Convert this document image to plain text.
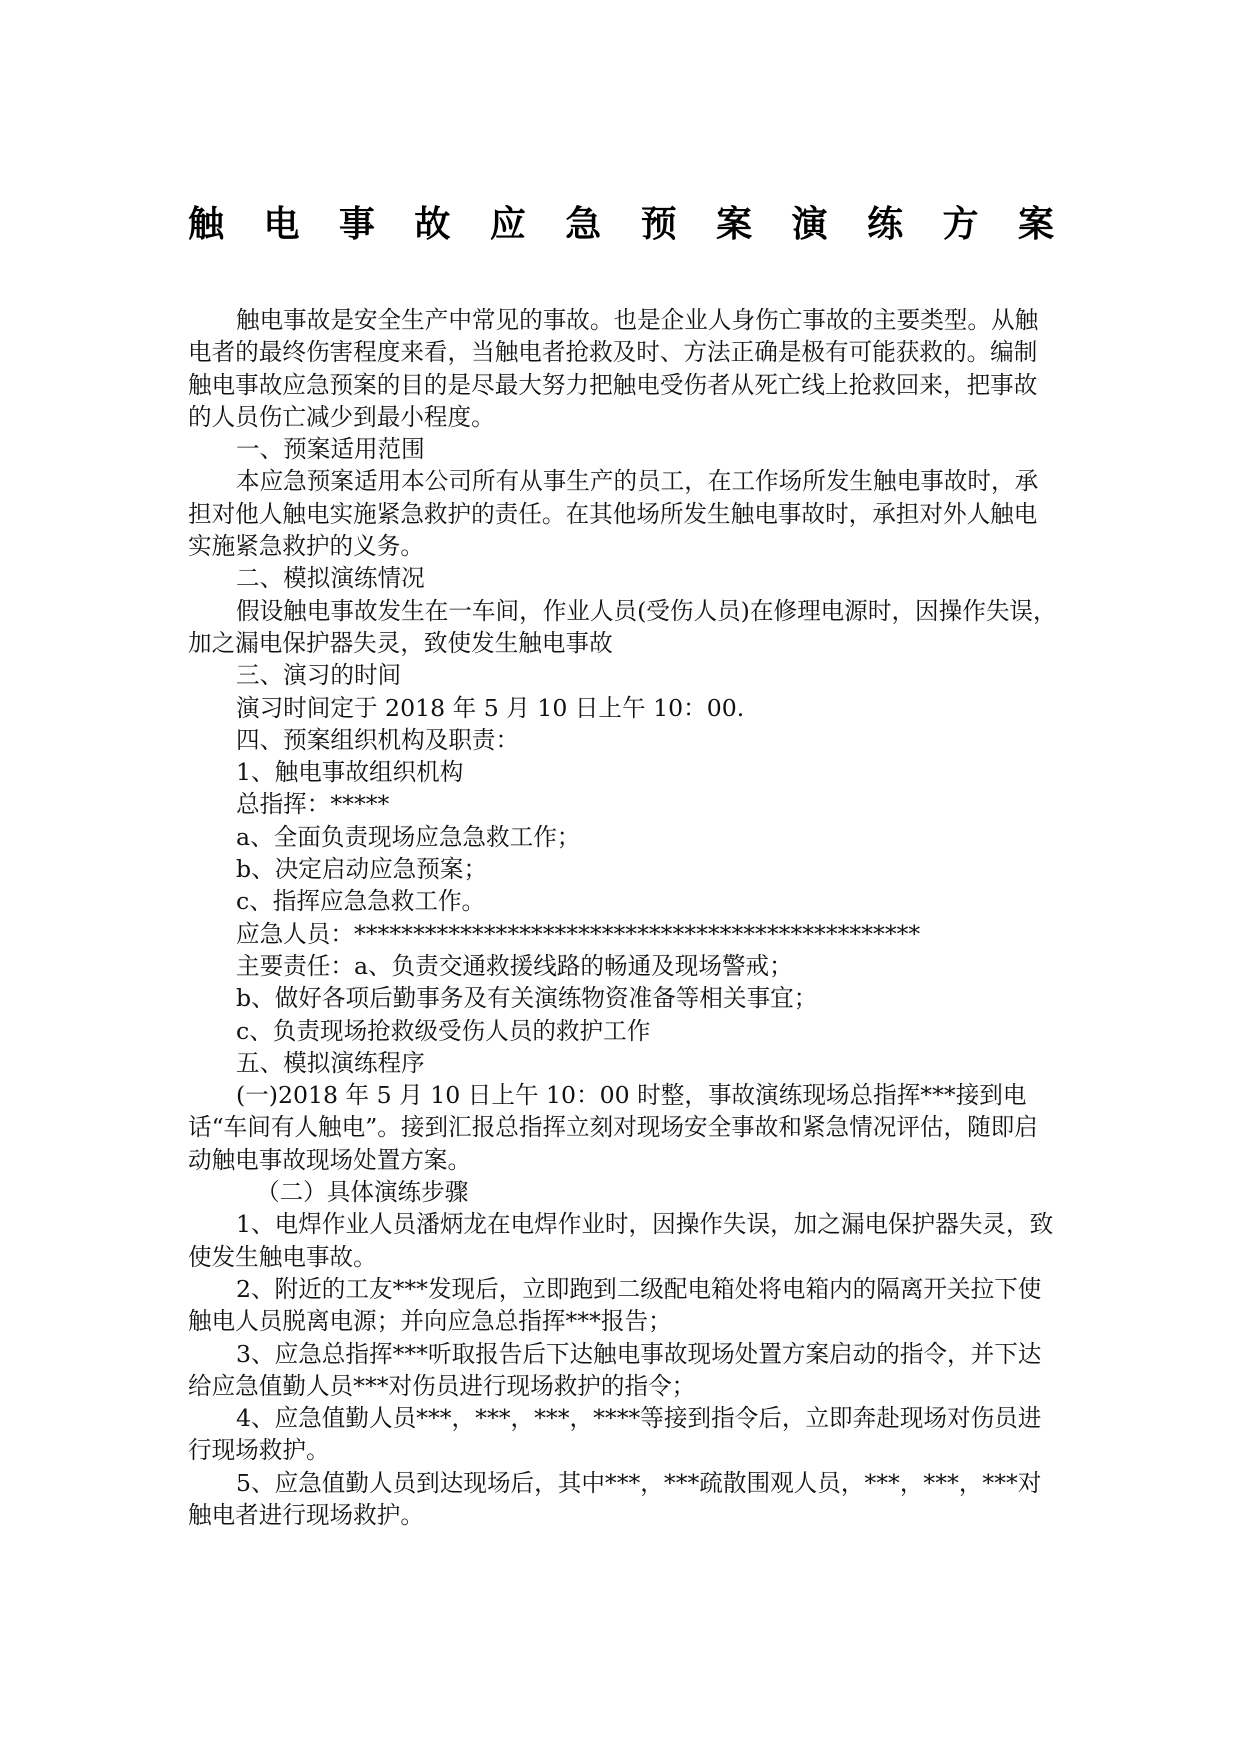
触 电 事 故 应 急 预 案 演 练 方 案

触电事故是安全生产中常见的事故。也是企业人身伤亡事故的主要类型。从触电者的最终伤害程度来看，当触电者抢救及时、方法正确是极有可能获救的。编制触电事故应急预案的目的是尽最大努力把触电受伤者从死亡线上抢救回来，把事故的人员伤亡减少到最小程度。

一、预案适用范围

本应急预案适用本公司所有从事生产的员工，在工作场所发生触电事故时，承担对他人触电实施紧急救护的责任。在其他场所发生触电事故时，承担对外人触电实施紧急救护的义务。

二、模拟演练情况

假设触电事故发生在一车间，作业人员(受伤人员)在修理电源时，因操作失误，加之漏电保护器失灵，致使发生触电事故

三、演习的时间

演习时间定于 2018 年 5 月 10 日上午 10：00.

四、预案组织机构及职责：

1、触电事故组织机构

总指挥：*****

a、全面负责现场应急急救工作；

b、决定启动应急预案；

c、指挥应急急救工作。

应急人员：************************************************

主要责任：a、负责交通救援线路的畅通及现场警戒；

b、做好各项后勤事务及有关演练物资准备等相关事宜；

c、负责现场抢救级受伤人员的救护工作

五、模拟演练程序

(一)2018 年 5 月 10 日上午 10：00 时整，事故演练现场总指挥***接到电话“车间有人触电”。接到汇报总指挥立刻对现场安全事故和紧急情况评估，随即启动触电事故现场处置方案。

（二）具体演练步骤

1、电焊作业人员潘炳龙在电焊作业时，因操作失误，加之漏电保护器失灵，致使发生触电事故。

2、附近的工友***发现后，立即跑到二级配电箱处将电箱内的隔离开关拉下使触电人员脱离电源；并向应急总指挥***报告；

3、应急总指挥***听取报告后下达触电事故现场处置方案启动的指令，并下达给应急值勤人员***对伤员进行现场救护的指令；

4、应急值勤人员***，***，***，****等接到指令后，立即奔赴现场对伤员进行现场救护。

5、应急值勤人员到达现场后，其中***，***疏散围观人员，***，***，***对触电者进行现场救护。
